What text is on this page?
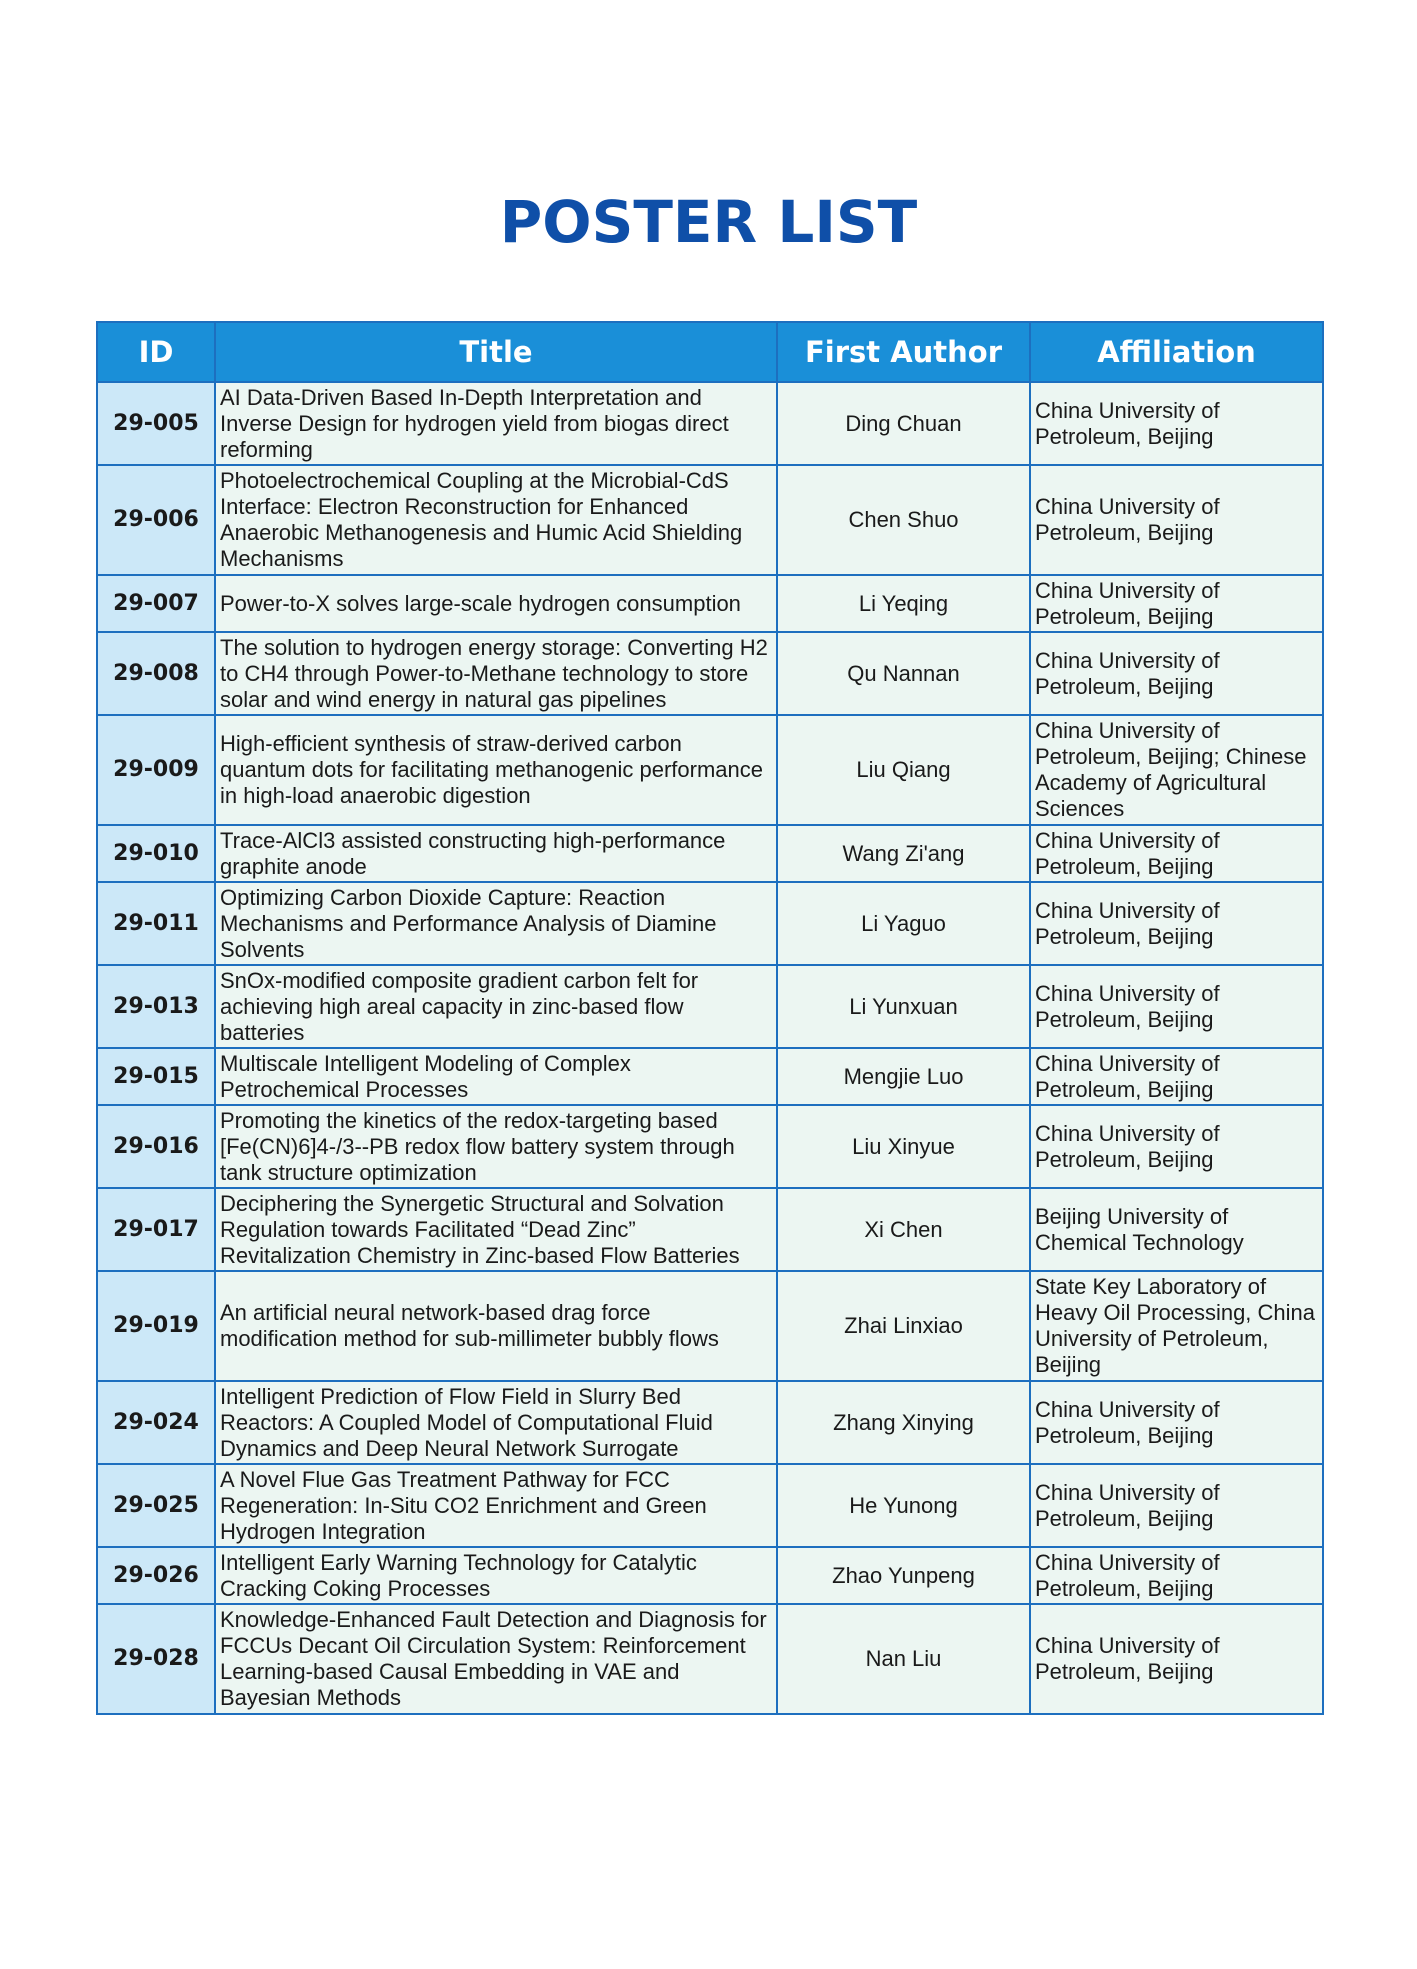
POSTER LIST
ID	Title	First Author	Affiliation
29-005	AI Data-Driven Based In-Depth Interpretation and Inverse Design for hydrogen yield from biogas direct reforming	Ding Chuan	China University of Petroleum, Beijing
29-006	Photoelectrochemical Coupling at the Microbial-CdS Interface: Electron Reconstruction for Enhanced Anaerobic Methanogenesis and Humic Acid Shielding Mechanisms	Chen Shuo	China University of Petroleum, Beijing
29-007	Power-to-X solves large-scale hydrogen consumption	Li Yeqing	China University of Petroleum, Beijing
29-008	The solution to hydrogen energy storage: Converting H2 to CH4 through Power-to-Methane technology to store solar and wind energy in natural gas pipelines	Qu Nannan	China University of Petroleum, Beijing
29-009	High-efficient synthesis of straw-derived carbon quantum dots for facilitating methanogenic performance in high-load anaerobic digestion	Liu Qiang	China University of Petroleum, Beijing; Chinese Academy of Agricultural Sciences
29-010	Trace-AlCl3 assisted constructing high-performance graphite anode	Wang Zi'ang	China University of Petroleum, Beijing
29-011	Optimizing Carbon Dioxide Capture: Reaction Mechanisms and Performance Analysis of Diamine Solvents	Li Yaguo	China University of Petroleum, Beijing
29-013	SnOx-modified composite gradient carbon felt for achieving high areal capacity in zinc-based flow batteries	Li Yunxuan	China University of Petroleum, Beijing
29-015	Multiscale Intelligent Modeling of Complex Petrochemical Processes	Mengjie Luo	China University of Petroleum, Beijing
29-016	Promoting the kinetics of the redox-targeting based [Fe(CN)6]4-/3--PB redox flow battery system through tank structure optimization	Liu Xinyue	China University of Petroleum, Beijing
29-017	Deciphering the Synergetic Structural and Solvation Regulation towards Facilitated “Dead Zinc” Revitalization Chemistry in Zinc-based Flow Batteries	Xi Chen	Beijing University of Chemical Technology
29-019	An artificial neural network-based drag force modification method for sub-millimeter bubbly flows	Zhai Linxiao	State Key Laboratory of Heavy Oil Processing, China University of Petroleum, Beijing
29-024	Intelligent Prediction of Flow Field in Slurry Bed Reactors: A Coupled Model of Computational Fluid Dynamics and Deep Neural Network Surrogate	Zhang Xinying	China University of Petroleum, Beijing
29-025	A Novel Flue Gas Treatment Pathway for FCC Regeneration: In-Situ CO2 Enrichment and Green Hydrogen Integration	He Yunong	China University of Petroleum, Beijing
29-026	Intelligent Early Warning Technology for Catalytic Cracking Coking Processes	Zhao Yunpeng	China University of Petroleum, Beijing
29-028	Knowledge-Enhanced Fault Detection and Diagnosis for FCCUs Decant Oil Circulation System: Reinforcement Learning-based Causal Embedding in VAE and Bayesian Methods	Nan Liu	China University of Petroleum, Beijing
